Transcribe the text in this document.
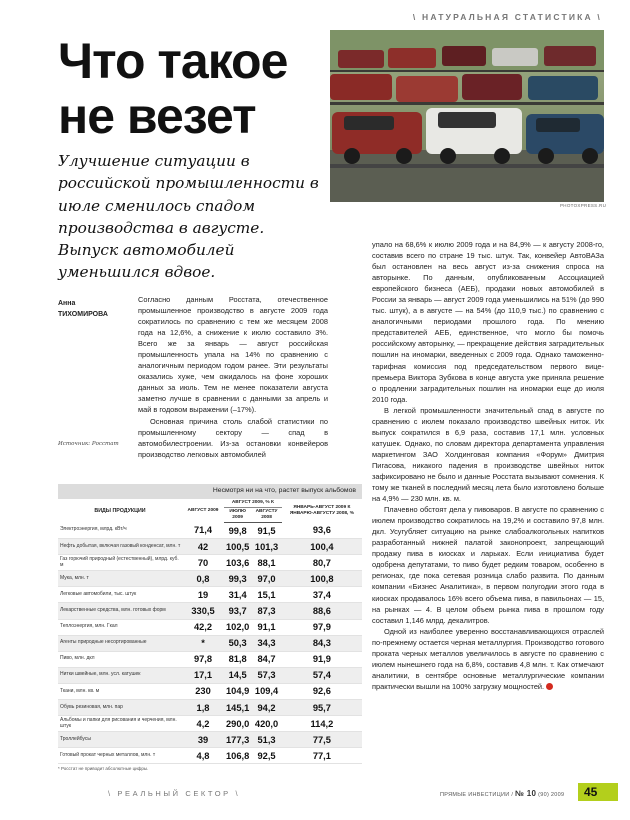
\ НАТУРАЛЬНАЯ СТАТИСТИКА \
Что такое не везет
Улучшение ситуации в российской промышленности в июле сменилось спадом производства в августе. Выпуск автомобилей уменьшился вдвое.
PHOTOXPRESS.RU
Анна
ТИХОМИРОВА
Источник: Росстат

Согласно данным Росстата, отечественное промышленное производство в августе 2009 года сократилось по сравнению с тем же месяцем 2008 года на 12,6%, а снижение к июлю составило 3%. Всего же за январь — август российская промышленность упала на 14% по сравнению с аналогичным периодом годом ранее. Эти результаты оказались хуже, чем ожидалось на фоне хороших данных за июль. Тем не менее показатели августа заметно лучше в сравнении с данными за апрель и май в годовом выражении (–17%).

Основная причина столь слабой статистики по промышленному сектору — спад в автомобилестроении. Из-за остановки конвейеров производство легковых автомобилей

упало на 68,6% к июлю 2009 года и на 84,9% — к августу 2008-го, составив всего по стране 19 тыс. штук. Так, конвейер АвтоВАЗа был остановлен на весь август из-за снижения спроса на авторынке. По данным, опубликованным Ассоциацией европейского бизнеса (АЕБ), продажи новых автомобилей в России за январь — август 2009 года уменьшились на 51% (до 990 тыс. штук), а в августе — на 54% (до 110,9 тыс.) по сравнению с аналогичными периодами прошлого года. По мнению представителей АЕБ, единственное, что могло бы помочь российскому авторынку, — прекращение действия заградительных пошлин на иномарки, введенных с 2009 года. Однако таможенно-тарифная комиссия под председательством первого вице-премьера Виктора Зубкова в конце августа уже приняла решение о продлении заградительных пошлин на иномарки еще до июля 2010 года.

В легкой промышленности значительный спад в августе по сравнению с июлем показало производство швейных ниток. Их выпуск сократился в 6,9 раза, составив 17,1 млн. условных катушек. Однако, по словам директора департамента управления маркетингом ЗАО Холдинговая компания «Форум» Дмитрия Пигасова, никакого падения в производстве швейных ниток зафиксировано не было и данные Росстата вызывают сомнения. К тому же тканей в последний месяц лета было изготовлено больше на 4,9% — 230 млн. кв. м.

Плачевно обстоят дела у пивоваров. В августе по сравнению с июлем производство сократилось на 19,2% и составило 97,8 млн. дкл. Усугубляет ситуацию на рынке слабоалкогольных напитков разработанный нижней палатой законопроект, запрещающий продажу пива в киосках и ларьках. Если инициатива будет одобрена депутатами, то пиво будет редким товаром, особенно в регионах, где пока сетевая розница слабо развита. По данным компании «Бизнес Аналитика», в первом полугодии этого года в киосках продавалось 16% всего объема пива, в павильонах — 15, на рынках — 4. В целом объем рынка пива в прошлом году составил 1,146 млрд. декалитров.

Одной из наиболее уверенно восстанавливающихся отраслей по-прежнему остается черная металлургия. Производство готового проката черных металлов увеличилось в августе по сравнению с июлем нынешнего года на 6,8%, составив 4,8 млн. т. Как отмечают аналитики, в сентябре основные металлургические компании практически вышли на 100% загрузку мощностей.

Несмотря ни на что, растет выпуск альбомов
ВИДЫ ПРОДУКЦИИ	АВГУСТ 2009	АВГУСТ 2009, % К		ЯНВАРЬ-АВГУСТ 2009 К ЯНВАРЮ-АВГУСТУ 2008, %
		ИЮЛЮ 2009	АВГУСТУ 2008	
Электроэнергия, млрд. кВт/ч	71,4	99,8	91,5	93,6
Нефть добытая, включая газовый конденсат, млн. т	42	100,5	101,3	100,4
Газ горючий природный (естественный), млрд. куб. м	70	103,6	88,1	80,7
Мука, млн. т	0,8	99,3	97,0	100,8
Легковые автомобили, тыс. штук	19	31,4	15,1	37,4
Лекарственные средства, млн. готовых форм	330,5	93,7	87,3	88,6
Теплоэнергия, млн. Гкал	42,2	102,0	91,1	97,9
Агенты природные несортированные	*	50,3	34,3	84,3
Пиво, млн. дкл	97,8	81,8	84,7	91,9
Нитки швейные, млн. усл. катушек	17,1	14,5	57,3	57,4
Ткани, млн. кв. м	230	104,9	109,4	92,6
Обувь резиновая, млн. пар	1,8	145,1	94,2	95,7
Альбомы и папки для рисования и черчения, млн. штук	4,2	290,0	420,0	114,2
Троллейбусы	39	177,3	51,3	77,5
Готовый прокат черных металлов, млн. т	4,8	106,8	92,5	77,1
* Росстат не приводит абсолютные цифры.
\ РЕАЛЬНЫЙ СЕКТОР \	ПРЯМЫЕ ИНВЕСТИЦИИ / № 10 (90) 2009	45
